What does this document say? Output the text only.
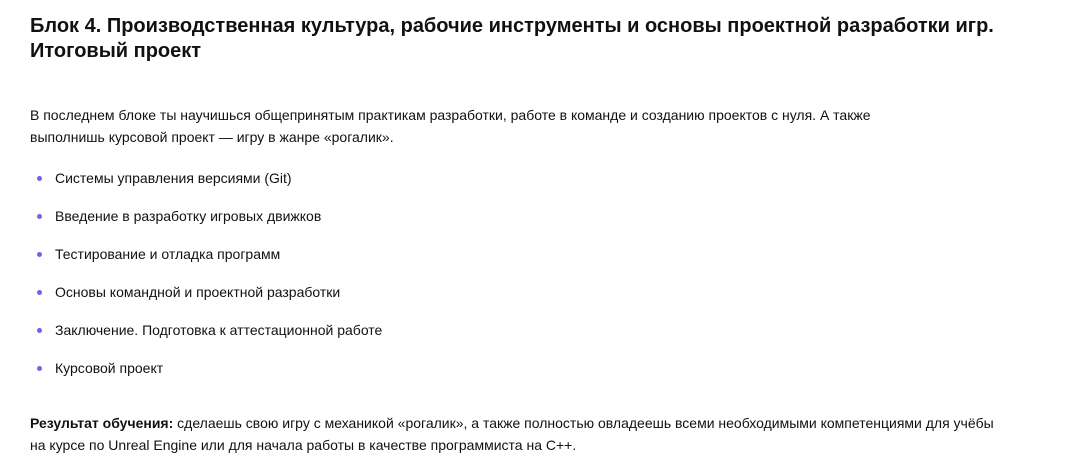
Блок 4. Производственная культура, рабочие инструменты и основы проектной разработки игр. Итоговый проект

В последнем блоке ты научишься общепринятым практикам разработки, работе в команде и созданию проектов с нуля. А также выполнишь курсовой проект — игру в жанре «рогалик».

Системы управления версиями (Git)
Введение в разработку игровых движков
Тестирование и отладка программ
Основы командной и проектной разработки
Заключение. Подготовка к аттестационной работе
Курсовой проект

Результат обучения: сделаешь свою игру с механикой «рогалик», а также полностью овладеешь всеми необходимыми компетенциями для учёбы на курсе по Unreal Engine или для начала работы в качестве программиста на C++.
